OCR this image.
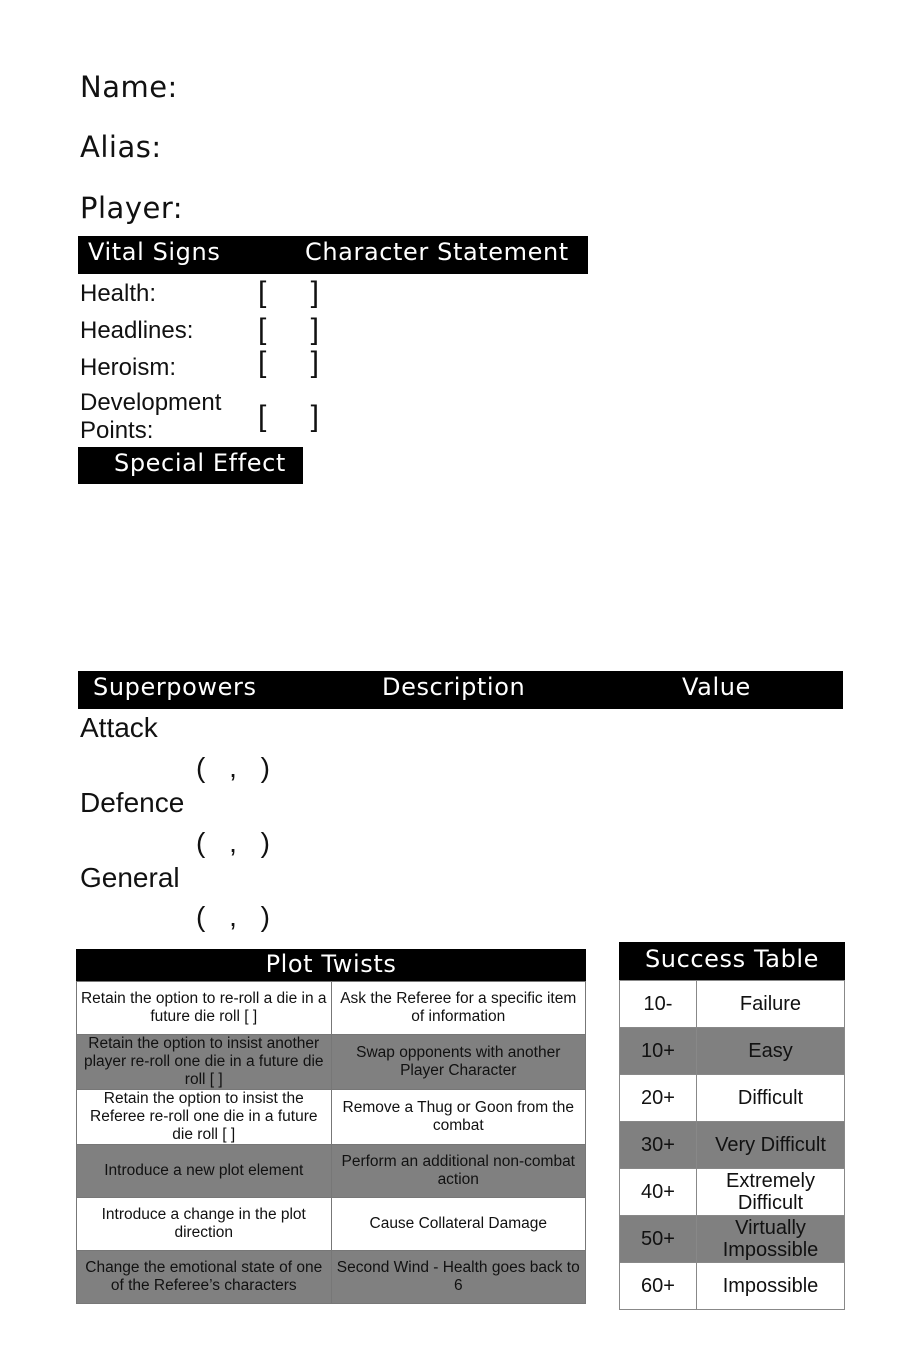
Name:
Alias:
Player:
Vital Signs	Character Statement
Health:	[ ]
Headlines: [ ]
Heroism:	[ ]
Development Points:	[ ]
Special Effect
Superpowers	Description	Value
Attack
( , )
Defence
( , )
General
( , )
Plot Twists
Retain the option to re-roll a die in a future die roll [ ]	Ask the Referee for a specific item of information
Retain the option to insist another player re-roll one die in a future die roll [ ]	Swap opponents with another Player Character
Retain the option to insist the Referee re-roll one die in a future die roll [ ]	Remove a Thug or Goon from the combat
Introduce a new plot element	Perform an additional non-combat action
Introduce a change in the plot direction	Cause Collateral Damage
Change the emotional state of one of the Referee’s characters	Second Wind - Health goes back to 6
Success Table
10-	Failure
10+	Easy
20+	Difficult
30+	Very Difficult
40+	Extremely Difficult
50+	Virtually Impossible
60+	Impossible
